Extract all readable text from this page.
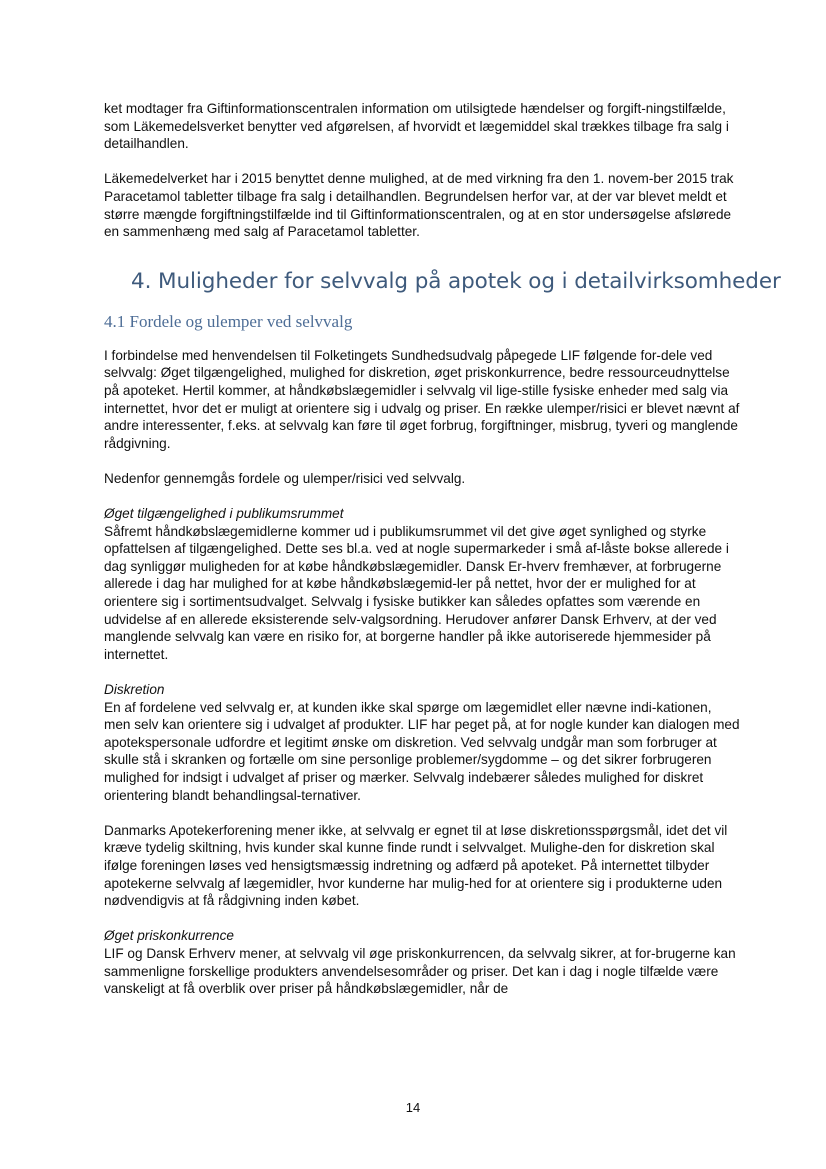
ket modtager fra Giftinformationscentralen information om utilsigtede hændelser og forgift-ningstilfælde, som Läkemedelsverket benytter ved afgørelsen, af hvorvidt et lægemiddel skal trækkes tilbage fra salg i detailhandlen.

Läkemedelverket har i 2015 benyttet denne mulighed, at de med virkning fra den 1. novem-ber 2015 trak Paracetamol tabletter tilbage fra salg i detailhandlen. Begrundelsen herfor var, at der var blevet meldt et større mængde forgiftningstilfælde ind til Giftinformationscentralen, og at en stor undersøgelse afslørede en sammenhæng med salg af Paracetamol tabletter.

4. Muligheder for selvvalg på apotek og i detailvirksomheder
4.1 Fordele og ulemper ved selvvalg

I forbindelse med henvendelsen til Folketingets Sundhedsudvalg påpegede LIF følgende for-dele ved selvvalg: Øget tilgængelighed, mulighed for diskretion, øget priskonkurrence, bedre ressourceudnyttelse på apoteket. Hertil kommer, at håndkøbslægemidler i selvvalg vil lige-stille fysiske enheder med salg via internettet, hvor det er muligt at orientere sig i udvalg og priser. En række ulemper/risici er blevet nævnt af andre interessenter, f.eks. at selvvalg kan føre til øget forbrug, forgiftninger, misbrug, tyveri og manglende rådgivning.

Nedenfor gennemgås fordele og ulemper/risici ved selvvalg.

Øget tilgængelighed i publikumsrummet

Såfremt håndkøbslægemidlerne kommer ud i publikumsrummet vil det give øget synlighed og styrke opfattelsen af tilgængelighed. Dette ses bl.a. ved at nogle supermarkeder i små af-låste bokse allerede i dag synliggør muligheden for at købe håndkøbslægemidler. Dansk Er-hverv fremhæver, at forbrugerne allerede i dag har mulighed for at købe håndkøbslægemid-ler på nettet, hvor der er mulighed for at orientere sig i sortimentsudvalget. Selvvalg i fysiske butikker kan således opfattes som værende en udvidelse af en allerede eksisterende selv-valgsordning. Herudover anfører Dansk Erhverv, at der ved manglende selvvalg kan være en risiko for, at borgerne handler på ikke autoriserede hjemmesider på internettet.

Diskretion

En af fordelene ved selvvalg er, at kunden ikke skal spørge om lægemidlet eller nævne indi-kationen, men selv kan orientere sig i udvalget af produkter. LIF har peget på, at for nogle kunder kan dialogen med apotekspersonale udfordre et legitimt ønske om diskretion. Ved selvvalg undgår man som forbruger at skulle stå i skranken og fortælle om sine personlige problemer/sygdomme – og det sikrer forbrugeren mulighed for indsigt i udvalget af priser og mærker. Selvvalg indebærer således mulighed for diskret orientering blandt behandlingsal-ternativer.

Danmarks Apotekerforening mener ikke, at selvvalg er egnet til at løse diskretionsspørgsmål, idet det vil kræve tydelig skiltning, hvis kunder skal kunne finde rundt i selvvalget. Mulighe-den for diskretion skal ifølge foreningen løses ved hensigtsmæssig indretning og adfærd på apoteket. På internettet tilbyder apotekerne selvvalg af lægemidler, hvor kunderne har mulig-hed for at orientere sig i produkterne uden nødvendigvis at få rådgivning inden købet.

Øget priskonkurrence

LIF og Dansk Erhverv mener, at selvvalg vil øge priskonkurrencen, da selvvalg sikrer, at for-brugerne kan sammenligne forskellige produkters anvendelsesområder og priser. Det kan i dag i nogle tilfælde være vanskeligt at få overblik over priser på håndkøbslægemidler, når de

14
